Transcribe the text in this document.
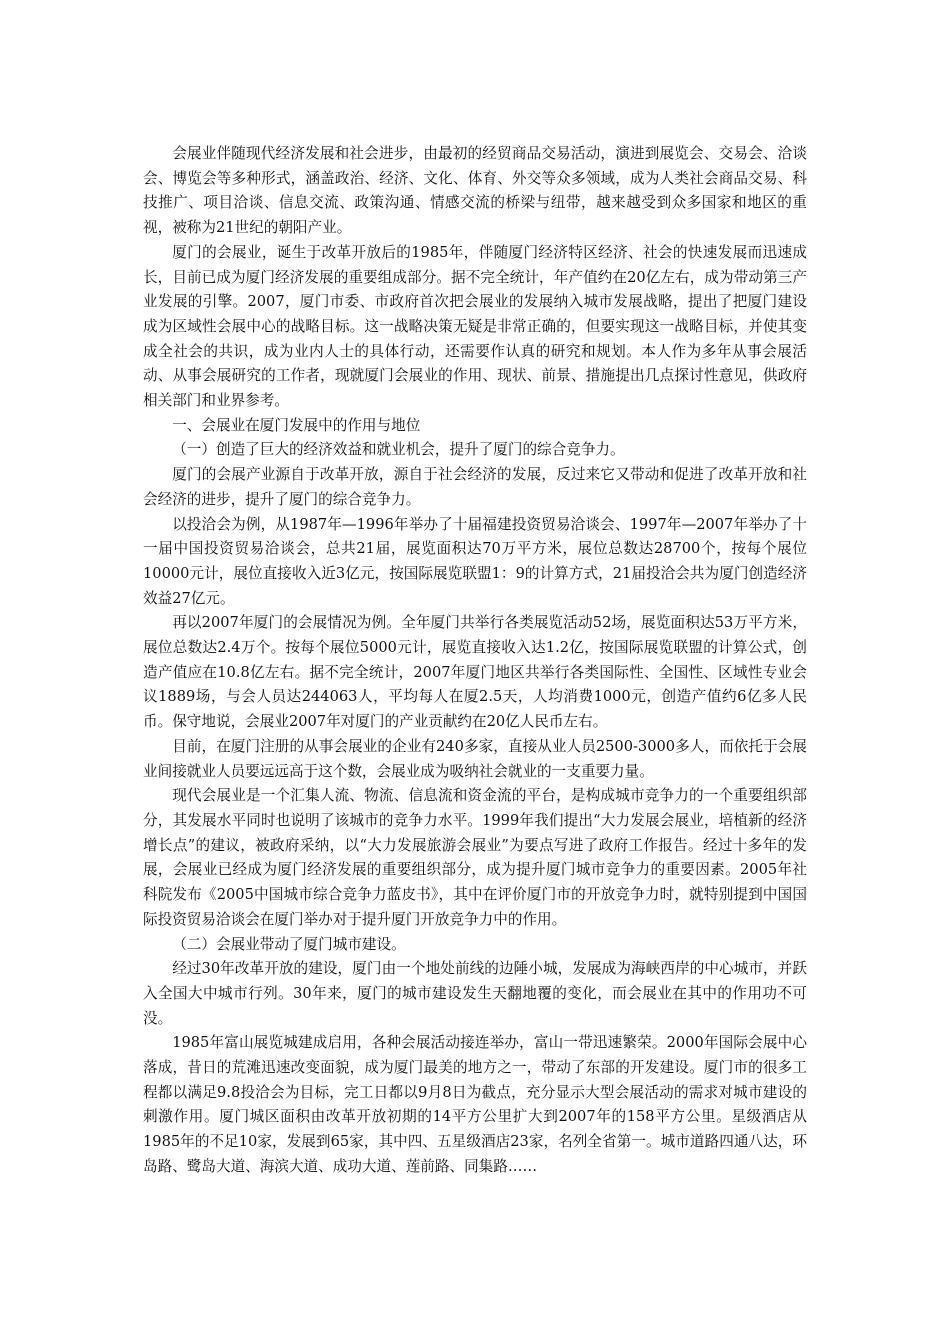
会展业伴随现代经济发展和社会进步，由最初的经贸商品交易活动，演进到展览会、交易会、洽谈会、博览会等多种形式，涵盖政治、经济、文化、体育、外交等众多领域，成为人类社会商品交易、科技推广、项目洽谈、信息交流、政策沟通、情感交流的桥梁与纽带，越来越受到众多国家和地区的重视，被称为21世纪的朝阳产业。

厦门的会展业，诞生于改革开放后的1985年，伴随厦门经济特区经济、社会的快速发展而迅速成长，目前已成为厦门经济发展的重要组成部分。据不完全统计，年产值约在20亿左右，成为带动第三产业发展的引擎。2007，厦门市委、市政府首次把会展业的发展纳入城市发展战略，提出了把厦门建设成为区域性会展中心的战略目标。这一战略决策无疑是非常正确的，但要实现这一战略目标，并使其变成全社会的共识，成为业内人士的具体行动，还需要作认真的研究和规划。本人作为多年从事会展活动、从事会展研究的工作者，现就厦门会展业的作用、现状、前景、措施提出几点探讨性意见，供政府相关部门和业界参考。

一、会展业在厦门发展中的作用与地位

（一）创造了巨大的经济效益和就业机会，提升了厦门的综合竞争力。

厦门的会展产业源自于改革开放，源自于社会经济的发展，反过来它又带动和促进了改革开放和社会经济的进步，提升了厦门的综合竞争力。

以投洽会为例，从1987年—1996年举办了十届福建投资贸易洽谈会、1997年—2007年举办了十一届中国投资贸易洽谈会，总共21届，展览面积达70万平方米，展位总数达28700个，按每个展位10000元计，展位直接收入近3亿元，按国际展览联盟1：9的计算方式，21届投洽会共为厦门创造经济效益27亿元。

再以2007年厦门的会展情况为例。全年厦门共举行各类展览活动52场，展览面积达53万平方米，展位总数达2.4万个。按每个展位5000元计，展览直接收入达1.2亿，按国际展览联盟的计算公式，创造产值应在10.8亿左右。据不完全统计，2007年厦门地区共举行各类国际性、全国性、区域性专业会议1889场，与会人员达244063人，平均每人在厦2.5天，人均消费1000元，创造产值约6亿多人民币。保守地说，会展业2007年对厦门的产业贡献约在20亿人民币左右。

目前，在厦门注册的从事会展业的企业有240多家，直接从业人员2500-3000多人，而依托于会展业间接就业人员要远远高于这个数，会展业成为吸纳社会就业的一支重要力量。

现代会展业是一个汇集人流、物流、信息流和资金流的平台，是构成城市竞争力的一个重要组织部分，其发展水平同时也说明了该城市的竞争力水平。1999年我们提出“大力发展会展业，培植新的经济增长点”的建议，被政府采纳，以“大力发展旅游会展业”为要点写进了政府工作报告。经过十多年的发展，会展业已经成为厦门经济发展的重要组织部分，成为提升厦门城市竞争力的重要因素。2005年社科院发布《2005中国城市综合竞争力蓝皮书》，其中在评价厦门市的开放竞争力时，就特别提到中国国际投资贸易洽谈会在厦门举办对于提升厦门开放竞争力中的作用。

（二）会展业带动了厦门城市建设。

经过30年改革开放的建设，厦门由一个地处前线的边陲小城，发展成为海峡西岸的中心城市，并跃入全国大中城市行列。30年来，厦门的城市建设发生天翻地覆的变化，而会展业在其中的作用功不可没。

1985年富山展览城建成启用，各种会展活动接连举办，富山一带迅速繁荣。2000年国际会展中心落成，昔日的荒滩迅速改变面貌，成为厦门最美的地方之一，带动了东部的开发建设。厦门市的很多工程都以满足9.8投洽会为目标，完工日都以9月8日为截点，充分显示大型会展活动的需求对城市建设的刺激作用。厦门城区面积由改革开放初期的14平方公里扩大到2007年的158平方公里。星级酒店从1985年的不足10家，发展到65家，其中四、五星级酒店23家，名列全省第一。城市道路四通八达，环岛路、鹭岛大道、海滨大道、成功大道、莲前路、同集路……
